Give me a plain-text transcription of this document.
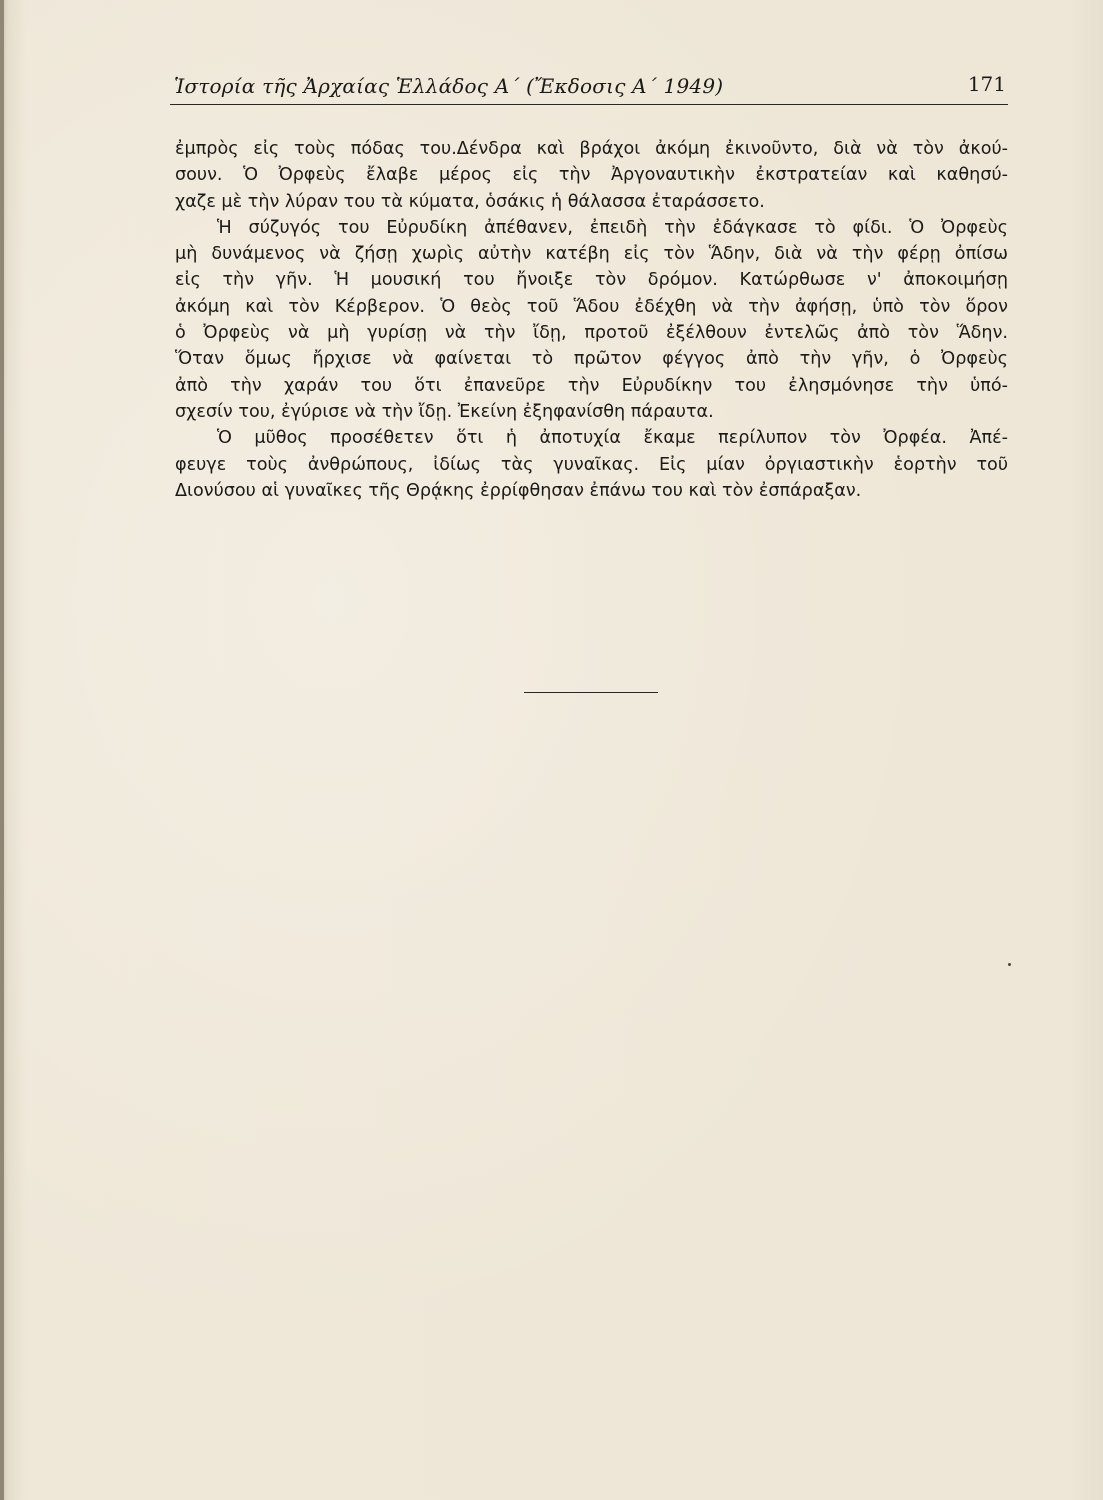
Ἱστορία τῆς Ἀρχαίας Ἑλλάδος Α΄ (Ἔκδοσις Α΄ 1949)	171
ἐμπρὸς εἰς τοὺς πόδας του.Δένδρα καὶ βράχοι ἀκόμη ἐκινοῦντο, διὰ νὰ τὸν ἀκού-
σουν. Ὁ Ὀρφεὺς ἔλαβε μέρος εἰς τὴν Ἀργοναυτικὴν ἐκστρατείαν καὶ καθησύ-
χαζε μὲ τὴν λύραν του τὰ κύματα, ὁσάκις ἡ θάλασσα ἐταράσσετο.
Ἡ σύζυγός του Εὐρυδίκη ἀπέθανεν, ἐπειδὴ τὴν ἐδάγκασε τὸ φίδι. Ὁ Ὀρφεὺς
μὴ δυνάμενος νὰ ζήσῃ χωρὶς αὐτὴν κατέβη εἰς τὸν Ἅδην, διὰ νὰ τὴν φέρῃ ὀπίσω
εἰς τὴν γῆν. Ἡ μουσική του ἤνοιξε τὸν δρόμον. Κατώρθωσε ν' ἀποκοιμήσῃ
ἀκόμη καὶ τὸν Κέρβερον. Ὁ θεὸς τοῦ Ἅδου ἐδέχθη νὰ τὴν ἀφήσῃ, ὑπὸ τὸν ὅρον
ὁ Ὀρφεὺς νὰ μὴ γυρίσῃ νὰ τὴν ἴδῃ, προτοῦ ἐξέλθουν ἐντελῶς ἀπὸ τὸν Ἅδην.
Ὅταν ὅμως ἤρχισε νὰ φαίνεται τὸ πρῶτον φέγγος ἀπὸ τὴν γῆν, ὁ Ὀρφεὺς
ἀπὸ τὴν χαράν του ὅτι ἐπανεῦρε τὴν Εὐρυδίκην του ἐλησμόνησε τὴν ὑπό-
σχεσίν του, ἐγύρισε νὰ τὴν ἴδῃ. Ἐκείνη ἐξηφανίσθη πάραυτα.
Ὁ μῦθος προσέθετεν ὅτι ἡ ἀποτυχία ἔκαμε περίλυπον τὸν Ὀρφέα. Ἀπέ-
φευγε τοὺς ἀνθρώπους, ἰδίως τὰς γυναῖκας. Εἰς μίαν ὀργιαστικὴν ἑορτὴν τοῦ
Διονύσου αἱ γυναῖκες τῆς Θρᾴκης ἐρρίφθησαν ἐπάνω του καὶ τὸν ἐσπάραξαν.
